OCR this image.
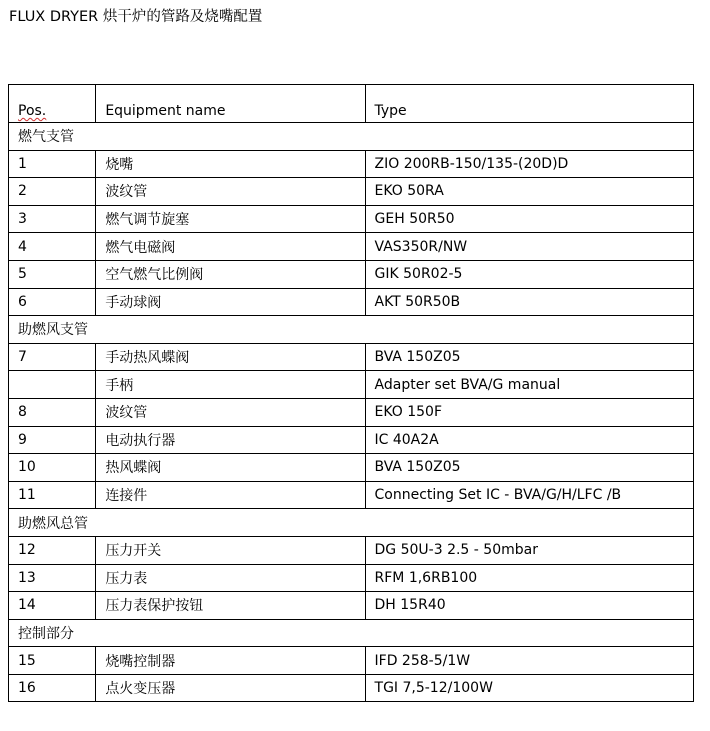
FLUX DRYER 烘干炉的管路及烧嘴配置
Pos.	Equipment name	Type
燃气支管		
1	烧嘴	ZIO 200RB-150/135-(20D)D
2	波纹管	EKO 50RA
3	燃气调节旋塞	GEH 50R50
4	燃气电磁阀	VAS350R/NW
5	空气燃气比例阀	GIK 50R02-5
6	手动球阀	AKT 50R50B
助燃风支管		
7	手动热风蝶阀	BVA 150Z05
	手柄	Adapter set BVA/G manual
8	波纹管	EKO 150F
9	电动执行器	IC 40A2A
10	热风蝶阀	BVA 150Z05
11	连接件	Connecting Set IC - BVA/G/H/LFC /B
助燃风总管		
12	压力开关	DG 50U-3 2.5 - 50mbar
13	压力表	RFM 1,6RB100
14	压力表保护按钮	DH 15R40
控制部分		
15	烧嘴控制器	IFD 258-5/1W
16	点火变压器	TGI 7,5-12/100W
